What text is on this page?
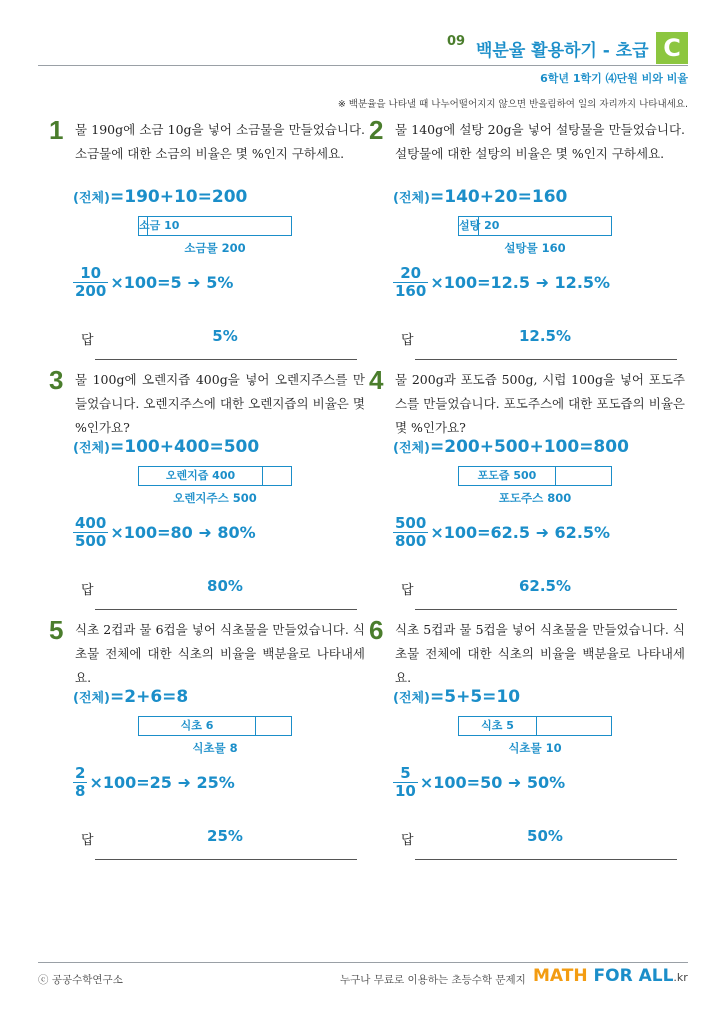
09 백분율 활용하기 - 초급 C
6학년 1학기 ⑷단원 비와 비율
※ 백분율을 나타낼 때 나누어떨어지지 않으면 반올림하여 일의 자리까지 나타내세요.
1 물 190g에 소금 10g을 넣어 소금물을 만들었습니다. 소금물에 대한 소금의 비율은 몇 %인지 구하세요.
(전체)=190+10=200
소금 10
소금물 200
$\frac{10}{200} \times 100=5$ ➜ 5%
답	5%
2 물 140g에 설탕 20g을 넣어 설탕물을 만들었습니다. 설탕물에 대한 설탕의 비율은 몇 %인지 구하세요.
(전체)=140+20=160
설탕 20
설탕물 160
$\frac{20}{160} \times 100=12.5$ ➜ 12.5%
답	12.5%
3 물 100g에 오렌지즙 400g을 넣어 오렌지주스를 만들었습니다. 오렌지주스에 대한 오렌지즙의 비율은 몇 %인가요?
(전체)=100+400=500
오렌지즙 400
오렌지주스 500
$\frac{400}{500} \times 100=80$ ➜ 80%
답	80%
4 물 200g과 포도즙 500g, 시럽 100g을 넣어 포도주스를 만들었습니다. 포도주스에 대한 포도즙의 비율은 몇 %인가요?
(전체)=200+500+100=800
포도즙 500
포도주스 800
$\frac{500}{800} \times 100=62.5$ ➜ 62.5%
답	62.5%
5 식초 2컵과 물 6컵을 넣어 식초물을 만들었습니다. 식초물 전체에 대한 식초의 비율을 백분율로 나타내세요.
(전체)=2+6=8
식초 6
식초물 8
$\frac{2}{8} \times 100=25$ ➜ 25%
답	25%
6 식초 5컵과 물 5컵을 넣어 식초물을 만들었습니다. 식초물 전체에 대한 식초의 비율을 백분율로 나타내세요.
(전체)=5+5=10
식초 5
식초물 10
$\frac{5}{10} \times 100=50$ ➜ 50%
답	50%
ⓒ 공공수학연구소	누구나 무료로 이용하는 초등수학 문제지 MATH FOR ALL.kr
